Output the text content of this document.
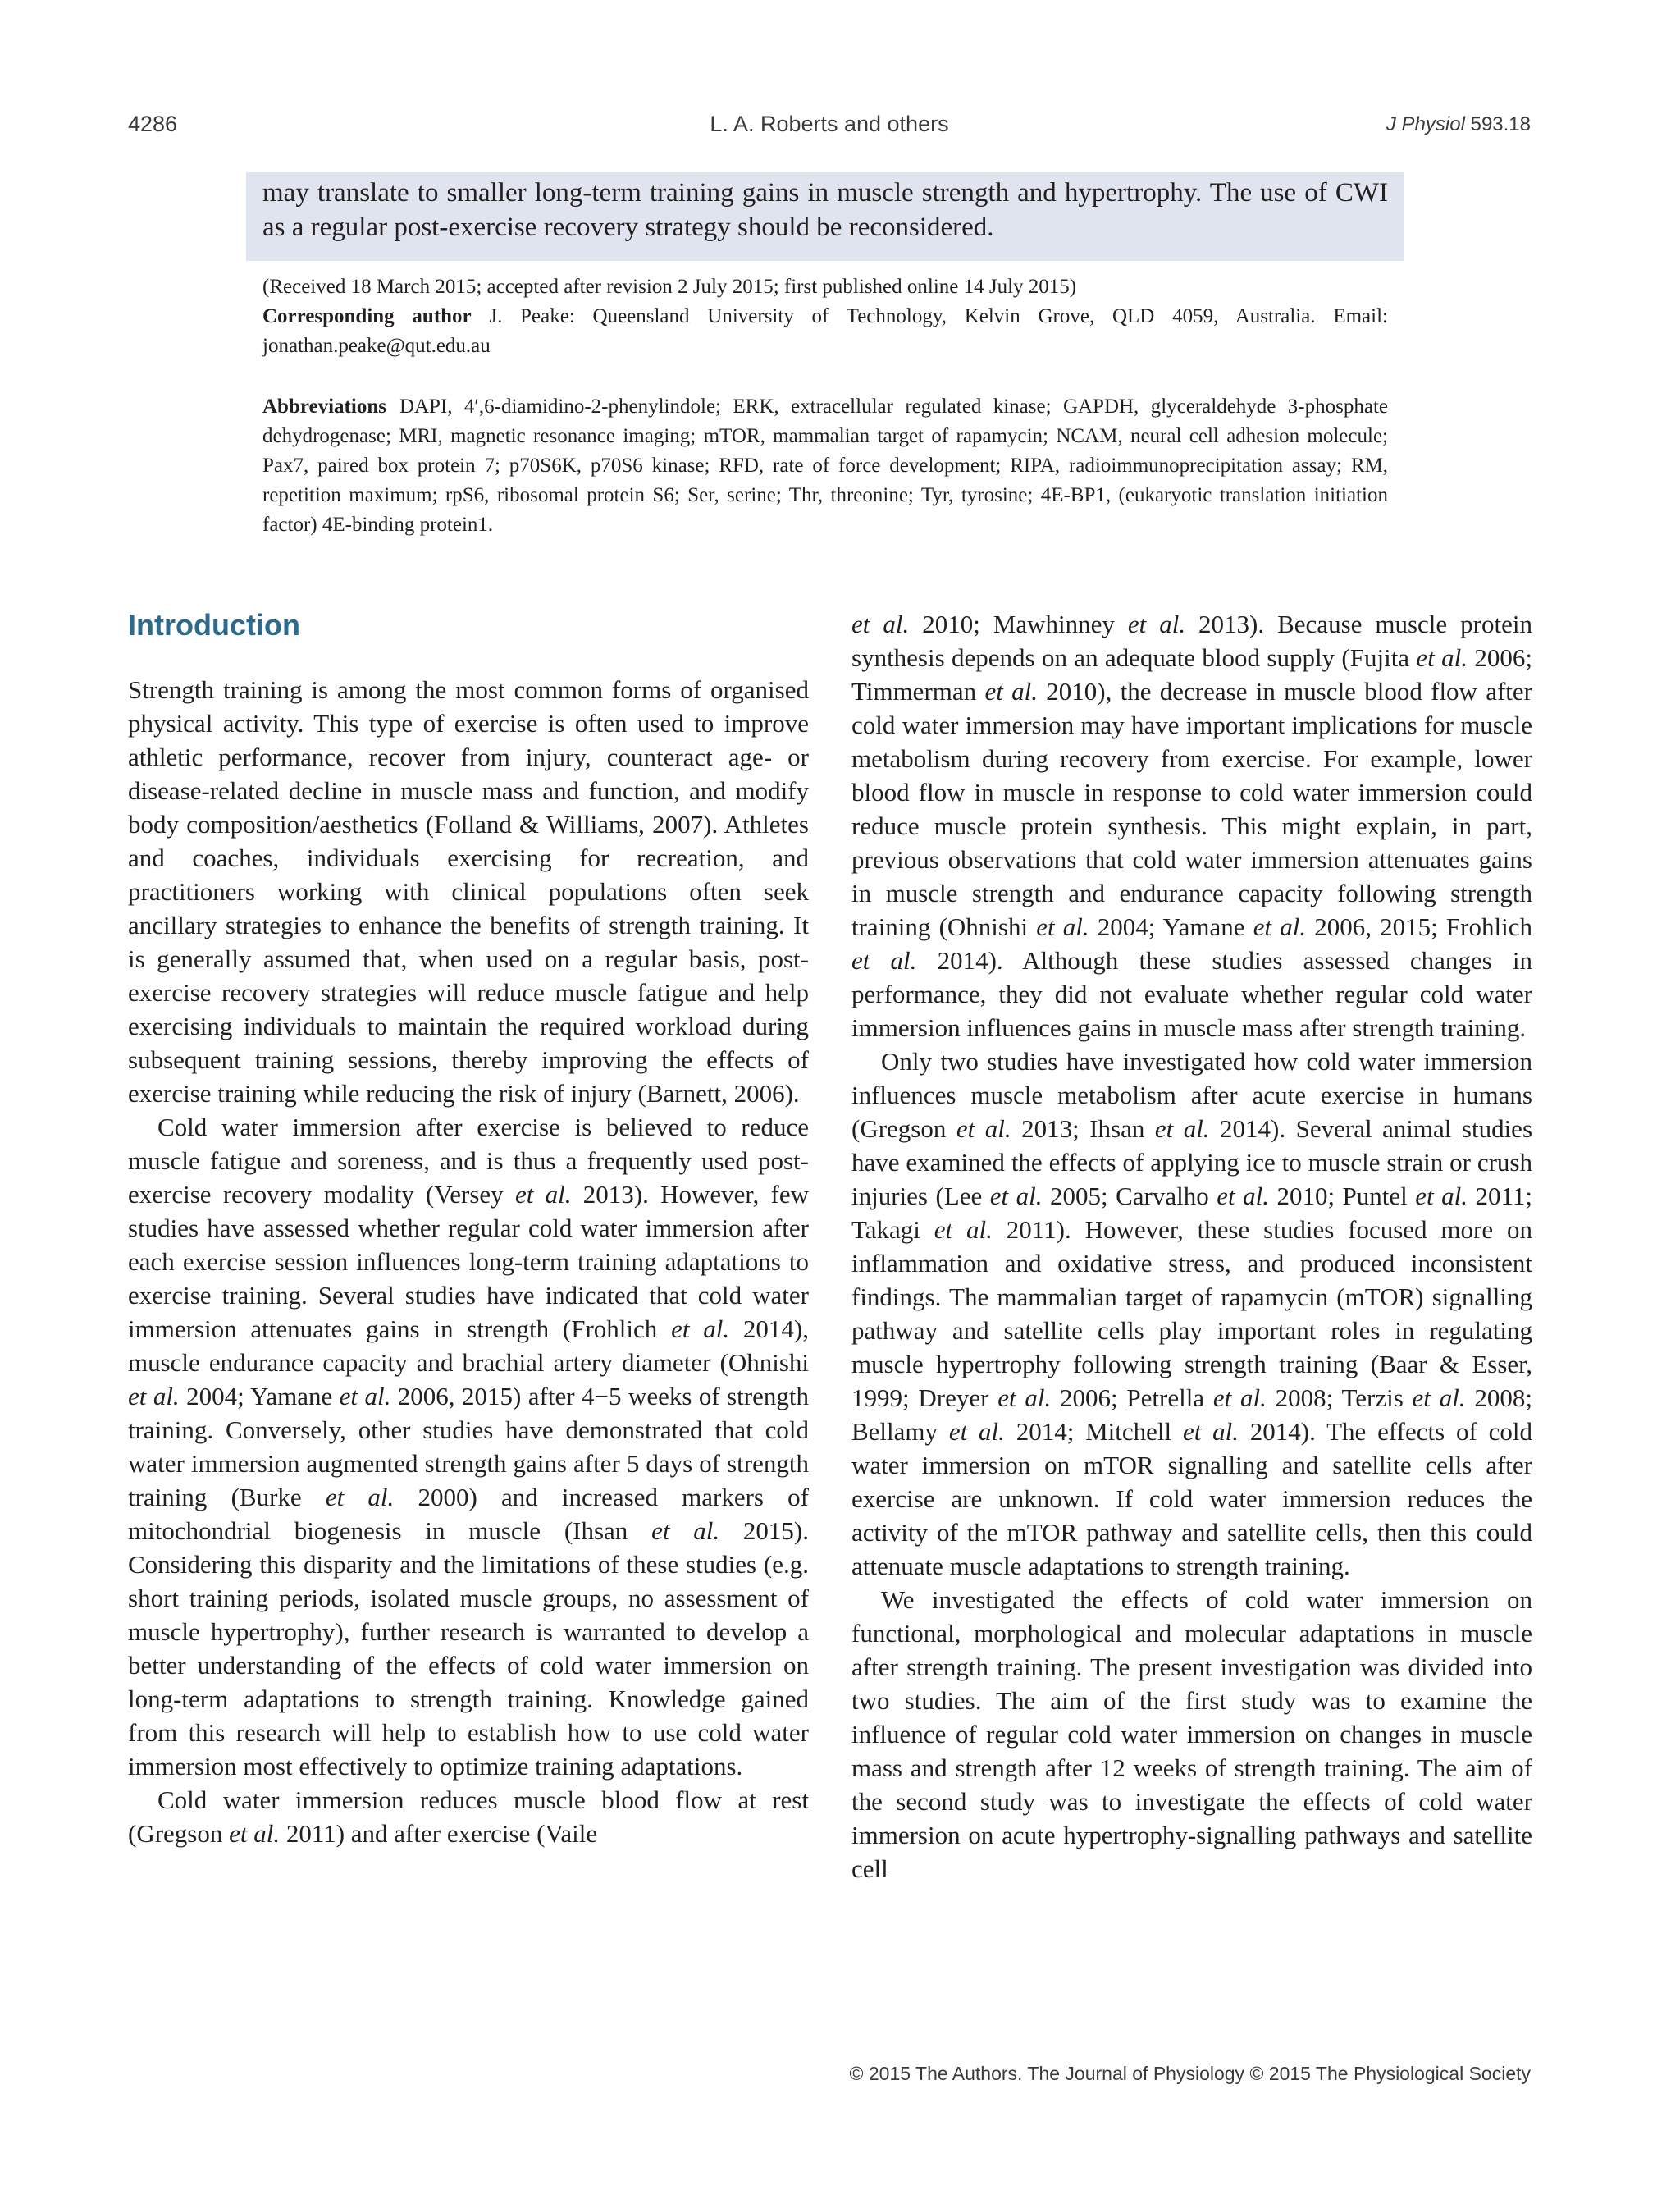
4286	L. A. Roberts and others	J Physiol 593.18
may translate to smaller long-term training gains in muscle strength and hypertrophy. The use of CWI as a regular post-exercise recovery strategy should be reconsidered.

(Received 18 March 2015; accepted after revision 2 July 2015; first published online 14 July 2015)

Corresponding author J. Peake: Queensland University of Technology, Kelvin Grove, QLD 4059, Australia. Email: jonathan.peake@qut.edu.au

Abbreviations DAPI, 4′,6-diamidino-2-phenylindole; ERK, extracellular regulated kinase; GAPDH, glyceraldehyde 3-phosphate dehydrogenase; MRI, magnetic resonance imaging; mTOR, mammalian target of rapamycin; NCAM, neural cell adhesion molecule; Pax7, paired box protein 7; p70S6K, p70S6 kinase; RFD, rate of force development; RIPA, radioimmunoprecipitation assay; RM, repetition maximum; rpS6, ribosomal protein S6; Ser, serine; Thr, threonine; Tyr, tyrosine; 4E-BP1, (eukaryotic translation initiation factor) 4E-binding protein1.
Introduction

Strength training is among the most common forms of organised physical activity. This type of exercise is often used to improve athletic performance, recover from injury, counteract age- or disease-related decline in muscle mass and function, and modify body composition/aesthetics (Folland & Williams, 2007). Athletes and coaches, individuals exercising for recreation, and practitioners working with clinical populations often seek ancillary strategies to enhance the benefits of strength training. It is generally assumed that, when used on a regular basis, post-exercise recovery strategies will reduce muscle fatigue and help exercising individuals to maintain the required workload during subsequent training sessions, thereby improving the effects of exercise training while reducing the risk of injury (Barnett, 2006).

Cold water immersion after exercise is believed to reduce muscle fatigue and soreness, and is thus a frequently used post-exercise recovery modality (Versey et al. 2013). However, few studies have assessed whether regular cold water immersion after each exercise session influences long-term training adaptations to exercise training. Several studies have indicated that cold water immersion attenuates gains in strength (Frohlich et al. 2014), muscle endurance capacity and brachial artery diameter (Ohnishi et al. 2004; Yamane et al. 2006, 2015) after 4−5 weeks of strength training. Conversely, other studies have demonstrated that cold water immersion augmented strength gains after 5 days of strength training (Burke et al. 2000) and increased markers of mitochondrial biogenesis in muscle (Ihsan et al. 2015). Considering this disparity and the limitations of these studies (e.g. short training periods, isolated muscle groups, no assessment of muscle hypertrophy), further research is warranted to develop a better understanding of the effects of cold water immersion on long-term adaptations to strength training. Knowledge gained from this research will help to establish how to use cold water immersion most effectively to optimize training adaptations.

Cold water immersion reduces muscle blood flow at rest (Gregson et al. 2011) and after exercise (Vaile

et al. 2010; Mawhinney et al. 2013). Because muscle protein synthesis depends on an adequate blood supply (Fujita et al. 2006; Timmerman et al. 2010), the decrease in muscle blood flow after cold water immersion may have important implications for muscle metabolism during recovery from exercise. For example, lower blood flow in muscle in response to cold water immersion could reduce muscle protein synthesis. This might explain, in part, previous observations that cold water immersion attenuates gains in muscle strength and endurance capacity following strength training (Ohnishi et al. 2004; Yamane et al. 2006, 2015; Frohlich et al. 2014). Although these studies assessed changes in performance, they did not evaluate whether regular cold water immersion influences gains in muscle mass after strength training.

Only two studies have investigated how cold water immersion influences muscle metabolism after acute exercise in humans (Gregson et al. 2013; Ihsan et al. 2014). Several animal studies have examined the effects of applying ice to muscle strain or crush injuries (Lee et al. 2005; Carvalho et al. 2010; Puntel et al. 2011; Takagi et al. 2011). However, these studies focused more on inflammation and oxidative stress, and produced inconsistent findings. The mammalian target of rapamycin (mTOR) signalling pathway and satellite cells play important roles in regulating muscle hypertrophy following strength training (Baar & Esser, 1999; Dreyer et al. 2006; Petrella et al. 2008; Terzis et al. 2008; Bellamy et al. 2014; Mitchell et al. 2014). The effects of cold water immersion on mTOR signalling and satellite cells after exercise are unknown. If cold water immersion reduces the activity of the mTOR pathway and satellite cells, then this could attenuate muscle adaptations to strength training.

We investigated the effects of cold water immersion on functional, morphological and molecular adaptations in muscle after strength training. The present investigation was divided into two studies. The aim of the first study was to examine the influence of regular cold water immersion on changes in muscle mass and strength after 12 weeks of strength training. The aim of the second study was to investigate the effects of cold water immersion on acute hypertrophy-signalling pathways and satellite cell

© 2015 The Authors. The Journal of Physiology © 2015 The Physiological Society
